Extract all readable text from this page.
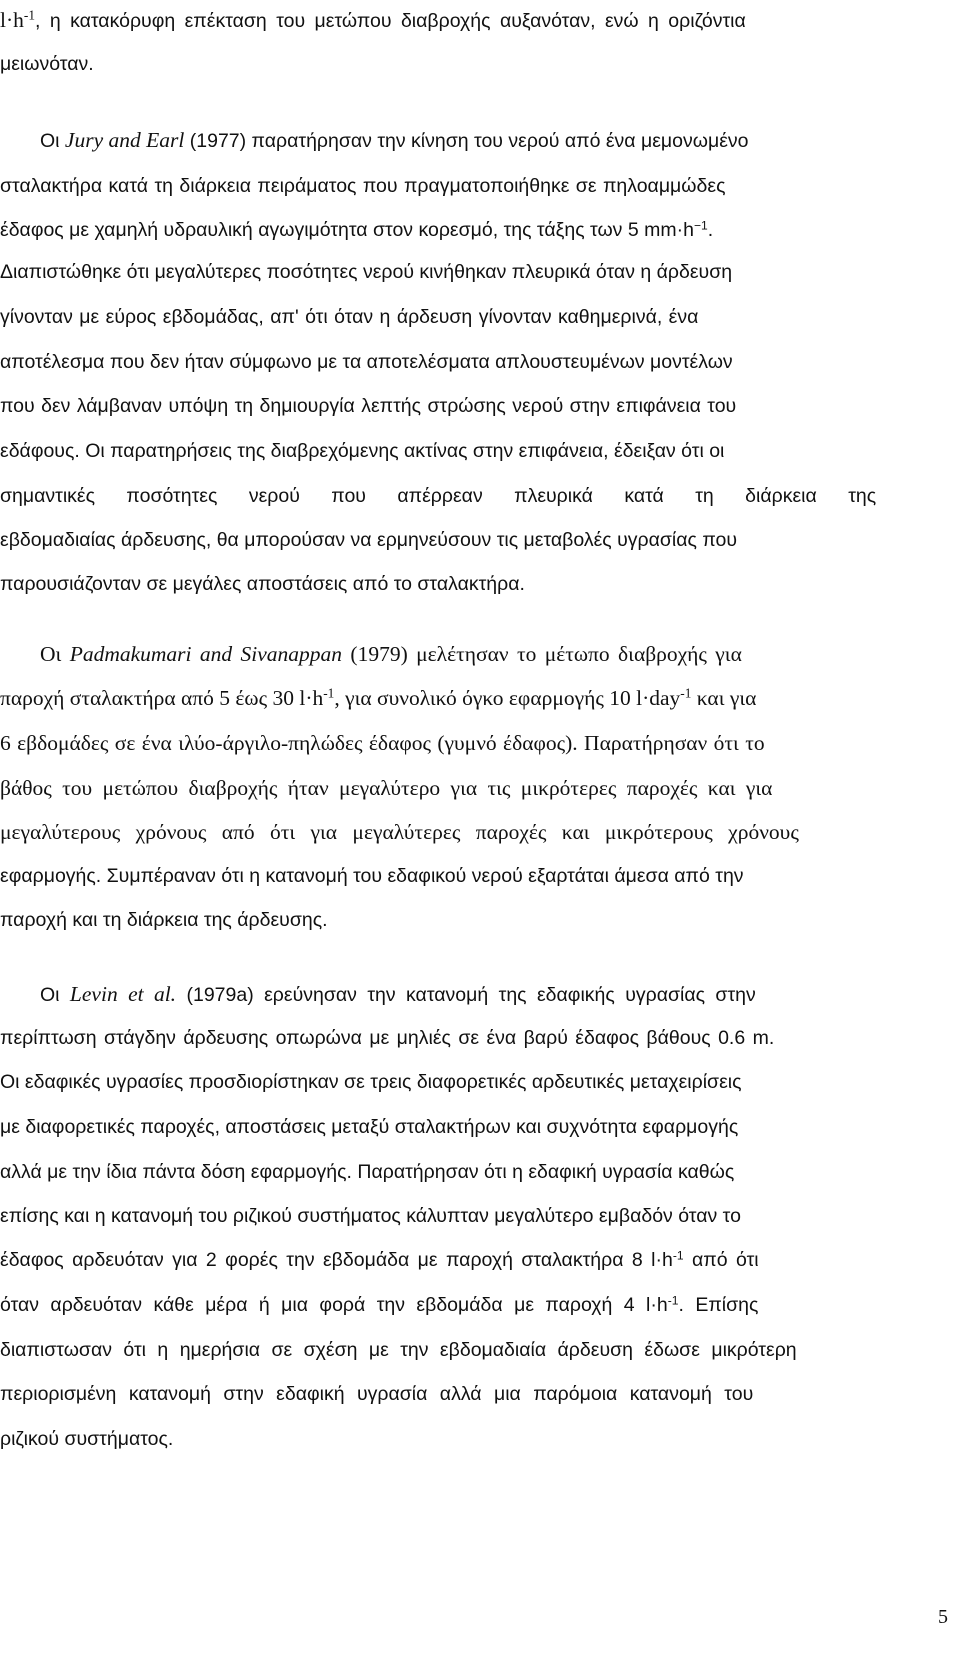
$l\cdot h^{-1}$, η κατακόρυφη επέκταση του μετώπου διαβροχής αυξανόταν, ενώ η οριζόντια
μειωνόταν.
Οι Jury and Earl (1977) παρατήρησαν την κίνηση του νερού από ένα μεμονωμένο
σταλακτήρα κατά τη διάρκεια πειράματος που πραγματοποιήθηκε σε πηλοαμμώδες
έδαφος με χαμηλή υδραυλική αγωγιμότητα στον κορεσμό, της τάξης των 5 $mm\cdot h^{-1}$.
Διαπιστώθηκε ότι μεγαλύτερες ποσότητες νερού κινήθηκαν πλευρικά όταν η άρδευση
γίνονταν με εύρος εβδομάδας, απ' ότι όταν η άρδευση γίνονταν καθημερινά, ένα
αποτέλεσμα που δεν ήταν σύμφωνο με τα αποτελέσματα απλουστευμένων μοντέλων
που δεν λάμβαναν υπόψη τη δημιουργία λεπτής στρώσης νερού στην επιφάνεια του
εδάφους. Οι παρατηρήσεις της διαβρεχόμενης ακτίνας στην επιφάνεια, έδειξαν ότι οι
σημαντικές ποσότητες νερού που απέρρεαν πλευρικά κατά τη διάρκεια της
εβδομαδιαίας άρδευσης, θα μπορούσαν να ερμηνεύσουν τις μεταβολές υγρασίας που
παρουσιάζονταν σε μεγάλες αποστάσεις από το σταλακτήρα.
Οι Padmakumari and Sivanappan (1979) μελέτησαν το μέτωπο διαβροχής για
παροχή σταλακτήρα από 5 έως 30 $l\cdot h^{-1}$, για συνολικό όγκο εφαρμογής 10 l·day$^{-1}$ και για
6 εβδομάδες σε ένα ιλύο-άργιλο-πηλώδες έδαφος (γυμνό έδαφος). Παρατήρησαν ότι το
βάθος του μετώπου διαβροχής ήταν μεγαλύτερο για τις μικρότερες παροχές και για
μεγαλύτερους χρόνους από ότι για μεγαλύτερες παροχές και μικρότερους χρόνους
εφαρμογής. Συμπέραναν ότι η κατανομή του εδαφικού νερού εξαρτάται άμεσα από την
παροχή και τη διάρκεια της άρδευσης.
Οι Levin et al. (1979a) ερεύνησαν την κατανομή της εδαφικής υγρασίας στην
περίπτωση στάγδην άρδευσης οπωρώνα με μηλιές σε ένα βαρύ έδαφος βάθους 0.6 m.
Οι εδαφικές υγρασίες προσδιορίστηκαν σε τρεις διαφορετικές αρδευτικές μεταχειρίσεις
με διαφορετικές παροχές, αποστάσεις μεταξύ σταλακτήρων και συχνότητα εφαρμογής
αλλά με την ίδια πάντα δόση εφαρμογής. Παρατήρησαν ότι η εδαφική υγρασία καθώς
επίσης και η κατανομή του ριζικού συστήματος κάλυπταν μεγαλύτερο εμβαδόν όταν το
έδαφος αρδευόταν για 2 φορές την εβδομάδα με παροχή σταλακτήρα 8 $l\cdot h^{-1}$ από ότι
όταν αρδευόταν κάθε μέρα ή μια φορά την εβδομάδα με παροχή 4 $l\cdot h^{-1}$. Επίσης
διαπιστωσαν ότι η ημερήσια σε σχέση με την εβδομαδιαία άρδευση έδωσε μικρότερη
περιορισμένη κατανομή στην εδαφική υγρασία αλλά μια παρόμοια κατανομή του
ριζικού συστήματος.
5
